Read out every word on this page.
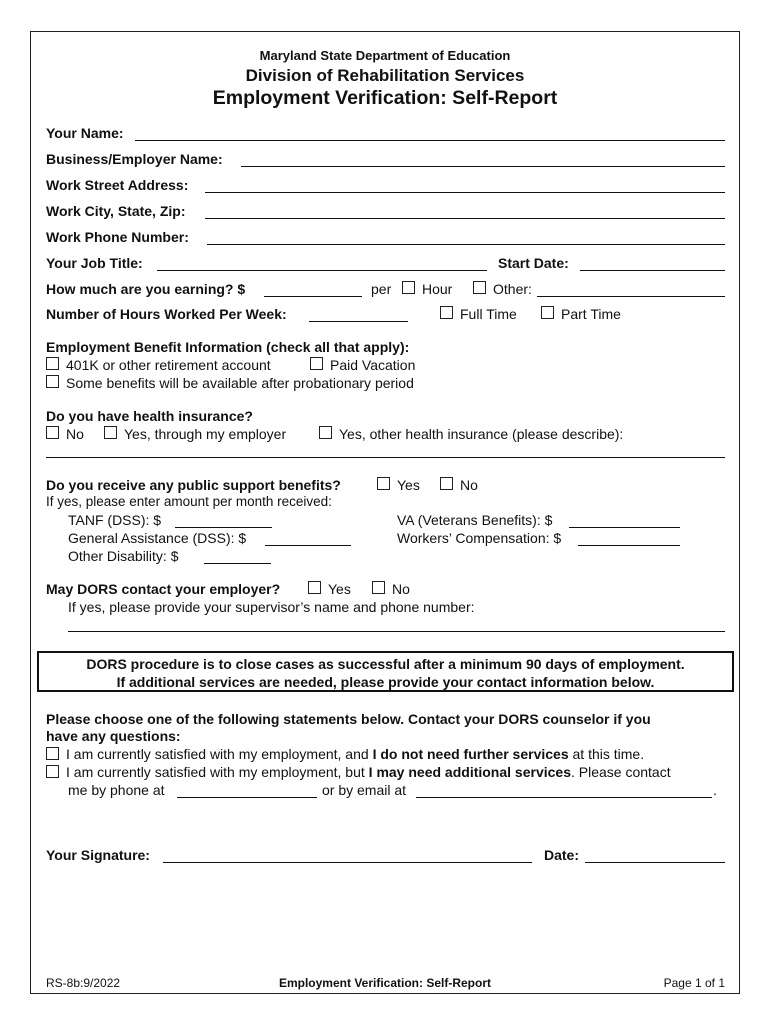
Maryland State Department of Education
Division of Rehabilitation Services
Employment Verification: Self-Report
Your Name:
Business/Employer Name:
Work Street Address:
Work City, State, Zip:
Work Phone Number:
Your Job Title:	Start Date:
How much are you earning? $	per Hour	Other:
Number of Hours Worked Per Week:	Full Time	Part Time
Employment Benefit Information (check all that apply):
401K or other retirement account	Paid Vacation
Some benefits will be available after probationary period
Do you have health insurance?
No	Yes, through my employer	Yes, other health insurance (please describe):
Do you receive any public support benefits?	Yes	No
If yes, please enter amount per month received:
TANF (DSS): $	VA (Veterans Benefits): $
General Assistance (DSS): $	Workers’ Compensation: $
Other Disability: $
May DORS contact your employer?	Yes	No
If yes, please provide your supervisor’s name and phone number:
DORS procedure is to close cases as successful after a minimum 90 days of employment.
If additional services are needed, please provide your contact information below.
Please choose one of the following statements below. Contact your DORS counselor if you
have any questions:
I am currently satisfied with my employment, and I do not need further services at this time.
I am currently satisfied with my employment, but I may need additional services. Please contact
me by phone at	or by email at	.
Your Signature:	Date:
RS-8b:9/2022	Employment Verification: Self-Report	Page 1 of 1
